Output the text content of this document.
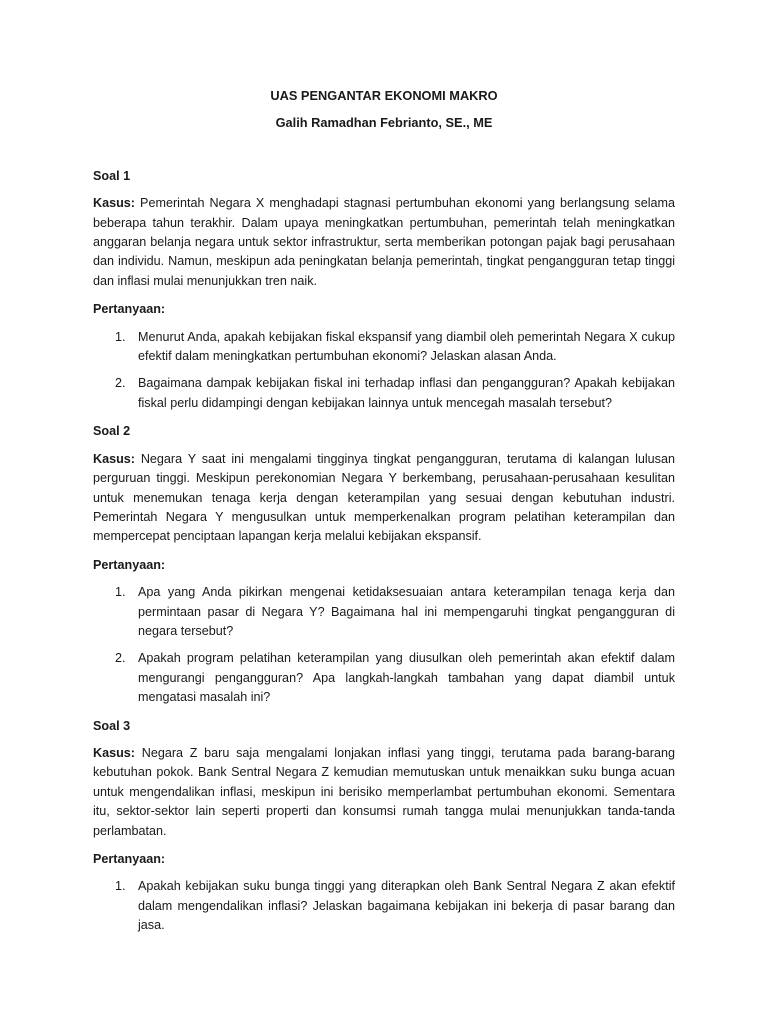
UAS PENGANTAR EKONOMI MAKRO

Galih Ramadhan Febrianto, SE., ME

Soal 1

Kasus: Pemerintah Negara X menghadapi stagnasi pertumbuhan ekonomi yang berlangsung selama beberapa tahun terakhir. Dalam upaya meningkatkan pertumbuhan, pemerintah telah meningkatkan anggaran belanja negara untuk sektor infrastruktur, serta memberikan potongan pajak bagi perusahaan dan individu. Namun, meskipun ada peningkatan belanja pemerintah, tingkat pengangguran tetap tinggi dan inflasi mulai menunjukkan tren naik.

Pertanyaan:

1. Menurut Anda, apakah kebijakan fiskal ekspansif yang diambil oleh pemerintah Negara X cukup efektif dalam meningkatkan pertumbuhan ekonomi? Jelaskan alasan Anda.
2. Bagaimana dampak kebijakan fiskal ini terhadap inflasi dan pengangguran? Apakah kebijakan fiskal perlu didampingi dengan kebijakan lainnya untuk mencegah masalah tersebut?

Soal 2

Kasus: Negara Y saat ini mengalami tingginya tingkat pengangguran, terutama di kalangan lulusan perguruan tinggi. Meskipun perekonomian Negara Y berkembang, perusahaan-perusahaan kesulitan untuk menemukan tenaga kerja dengan keterampilan yang sesuai dengan kebutuhan industri. Pemerintah Negara Y mengusulkan untuk memperkenalkan program pelatihan keterampilan dan mempercepat penciptaan lapangan kerja melalui kebijakan ekspansif.

Pertanyaan:

1. Apa yang Anda pikirkan mengenai ketidaksesuaian antara keterampilan tenaga kerja dan permintaan pasar di Negara Y? Bagaimana hal ini mempengaruhi tingkat pengangguran di negara tersebut?
2. Apakah program pelatihan keterampilan yang diusulkan oleh pemerintah akan efektif dalam mengurangi pengangguran? Apa langkah-langkah tambahan yang dapat diambil untuk mengatasi masalah ini?

Soal 3

Kasus: Negara Z baru saja mengalami lonjakan inflasi yang tinggi, terutama pada barang-barang kebutuhan pokok. Bank Sentral Negara Z kemudian memutuskan untuk menaikkan suku bunga acuan untuk mengendalikan inflasi, meskipun ini berisiko memperlambat pertumbuhan ekonomi. Sementara itu, sektor-sektor lain seperti properti dan konsumsi rumah tangga mulai menunjukkan tanda-tanda perlambatan.

Pertanyaan:

1. Apakah kebijakan suku bunga tinggi yang diterapkan oleh Bank Sentral Negara Z akan efektif dalam mengendalikan inflasi? Jelaskan bagaimana kebijakan ini bekerja di pasar barang dan jasa.
